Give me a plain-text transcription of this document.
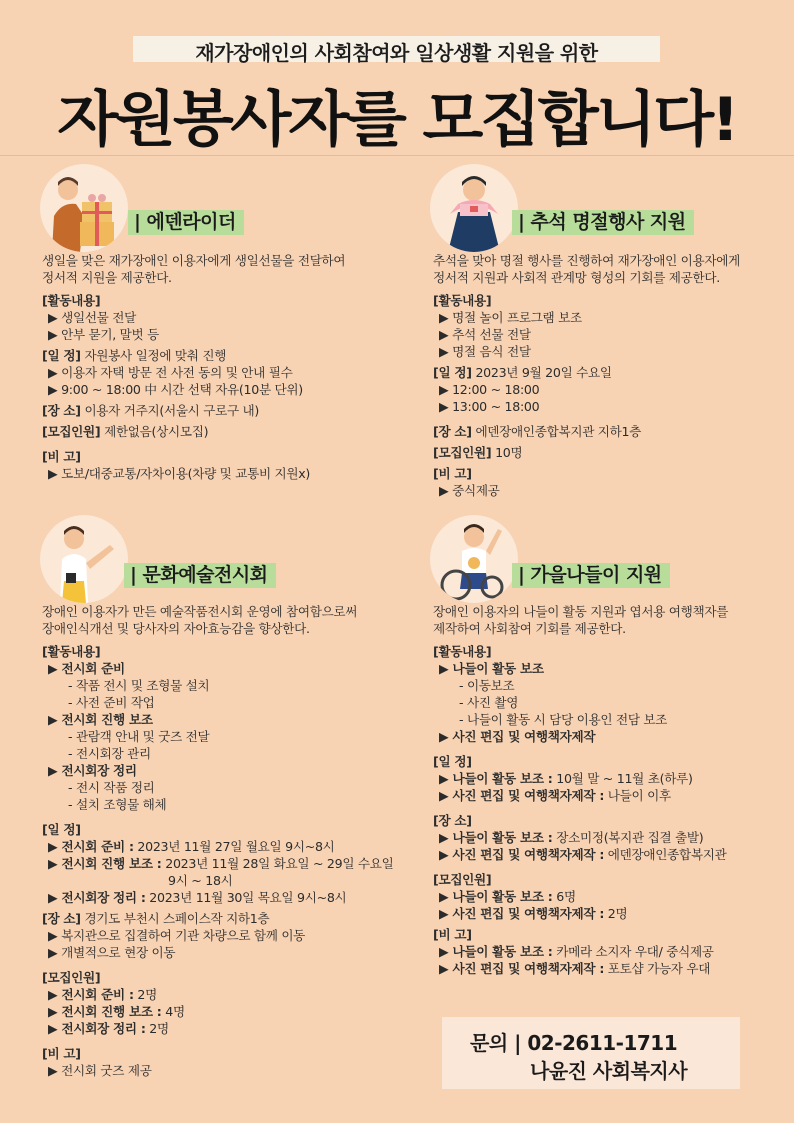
재가장애인의 사회참여와 일상생활 지원을 위한
자원봉사자를 모집합니다!
| 에덴라이더
생일을 맞은 재가장애인 이용자에게 생일선물을 전달하여
정서적 지원을 제공한다.
[활동내용]
▶ 생일선물 전달
▶ 안부 묻기, 말벗 등
[일 정] 자원봉사 일정에 맞춰 진행
▶ 이용자 자택 방문 전 사전 동의 및 안내 필수
▶ 9:00 ~ 18:00 中 시간 선택 자유(10분 단위)
[장 소] 이용자 거주지(서울시 구로구 내)
[모집인원] 제한없음(상시모집)
[비 고]
▶ 도보/대중교통/자차이용(차량 및 교통비 지원x)
| 추석 명절행사 지원
추석을 맞아 명절 행사를 진행하여 재가장애인 이용자에게
정서적 지원과 사회적 관계망 형성의 기회를 제공한다.
[활동내용]
▶ 명절 놀이 프로그램 보조
▶ 추석 선물 전달
▶ 명절 음식 전달
[일 정] 2023년 9월 20일 수요일
▶ 12:00 ~ 18:00
▶ 13:00 ~ 18:00
[장 소] 에덴장애인종합복지관 지하1층
[모집인원] 10명
[비 고]
▶ 중식제공
| 문화예술전시회
장애인 이용자가 만든 예술작품전시회 운영에 참여함으로써
장애인식개선 및 당사자의 자아효능감을 향상한다.
[활동내용]
▶ 전시회 준비
- 작품 전시 및 조형물 설치
- 사전 준비 작업
▶ 전시회 진행 보조
- 관람객 안내 및 굿즈 전달
- 전시회장 관리
▶ 전시회장 정리
- 전시 작품 정리
- 설치 조형물 해체
[일 정]
▶ 전시회 준비 : 2023년 11월 27일 월요일 9시~8시
▶ 전시회 진행 보조 : 2023년 11월 28일 화요일 ~ 29일 수요일
9시 ~ 18시
▶ 전시회장 정리 : 2023년 11월 30일 목요일 9시~8시
[장 소] 경기도 부천시 스페이스작 지하1층
▶ 복지관으로 집결하여 기관 차량으로 함께 이동
▶ 개별적으로 현장 이동
[모집인원]
▶ 전시회 준비 : 2명
▶ 전시회 진행 보조 : 4명
▶ 전시회장 정리 : 2명
[비 고]
▶ 전시회 굿즈 제공
| 가을나들이 지원
장애인 이용자의 나들이 활동 지원과 엽서용 여행책자를
제작하여 사회참여 기회를 제공한다.
[활동내용]
▶ 나들이 활동 보조
- 이동보조
- 사진 촬영
- 나들이 활동 시 담당 이용인 전담 보조
▶ 사진 편집 및 여행책자제작
[일 정]
▶ 나들이 활동 보조 : 10월 말 ~ 11월 초(하루)
▶ 사진 편집 및 여행책자제작 : 나들이 이후
[장 소]
▶ 나들이 활동 보조 : 장소미정(복지관 집결 출발)
▶ 사진 편집 및 여행책자제작 : 에덴장애인종합복지관
[모집인원]
▶ 나들이 활동 보조 : 6명
▶ 사진 편집 및 여행책자제작 : 2명
[비 고]
▶ 나들이 활동 보조 : 카메라 소지자 우대/ 중식제공
▶ 사진 편집 및 여행책자제작 : 포토샵 가능자 우대
문의 | 02-2611-1711
나윤진 사회복지사
